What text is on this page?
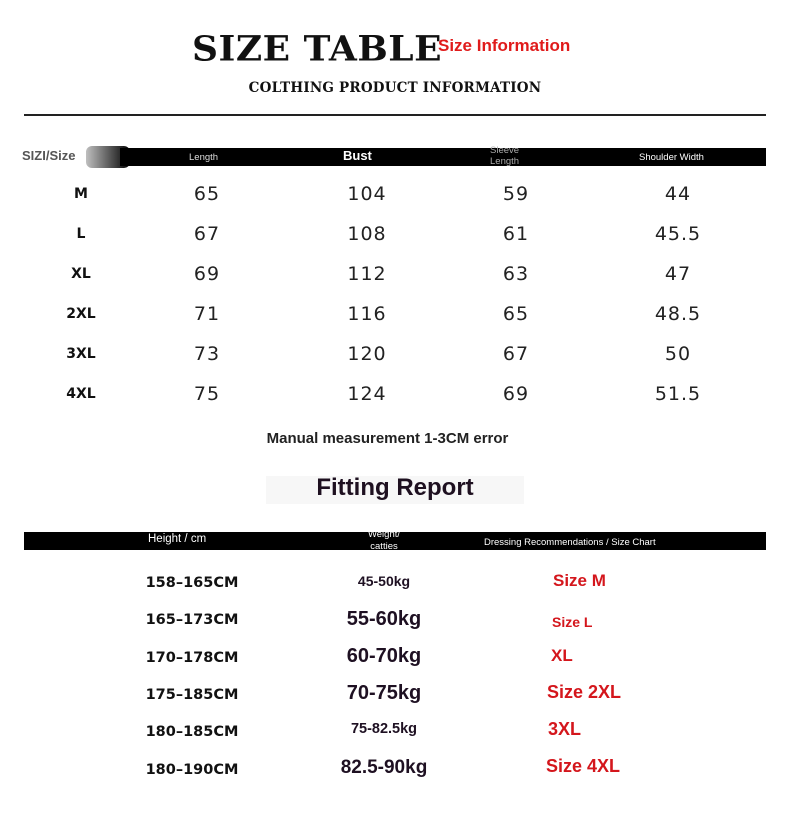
SIZE TABLE
Size Information
COLTHING PRODUCT INFORMATION
SIZI/Size	Length	Bust	Sleeve Length	Shoulder Width
M	65	104	59	44
L	67	108	61	45.5
XL	69	112	63	47
2XL	71	116	65	48.5
3XL	73	120	67	50
4XL	75	124	69	51.5
Manual measurement 1-3CM error
Fitting Report
Height / cm	Weight/ catties	Dressing Recommendations / Size Chart
158–165CM	45-50kg	Size M
165–173CM	55-60kg	Size L
170–178CM	60-70kg	XL
175–185CM	70-75kg	Size 2XL
180–185CM	75-82.5kg	3XL
180–190CM	82.5-90kg	Size 4XL
